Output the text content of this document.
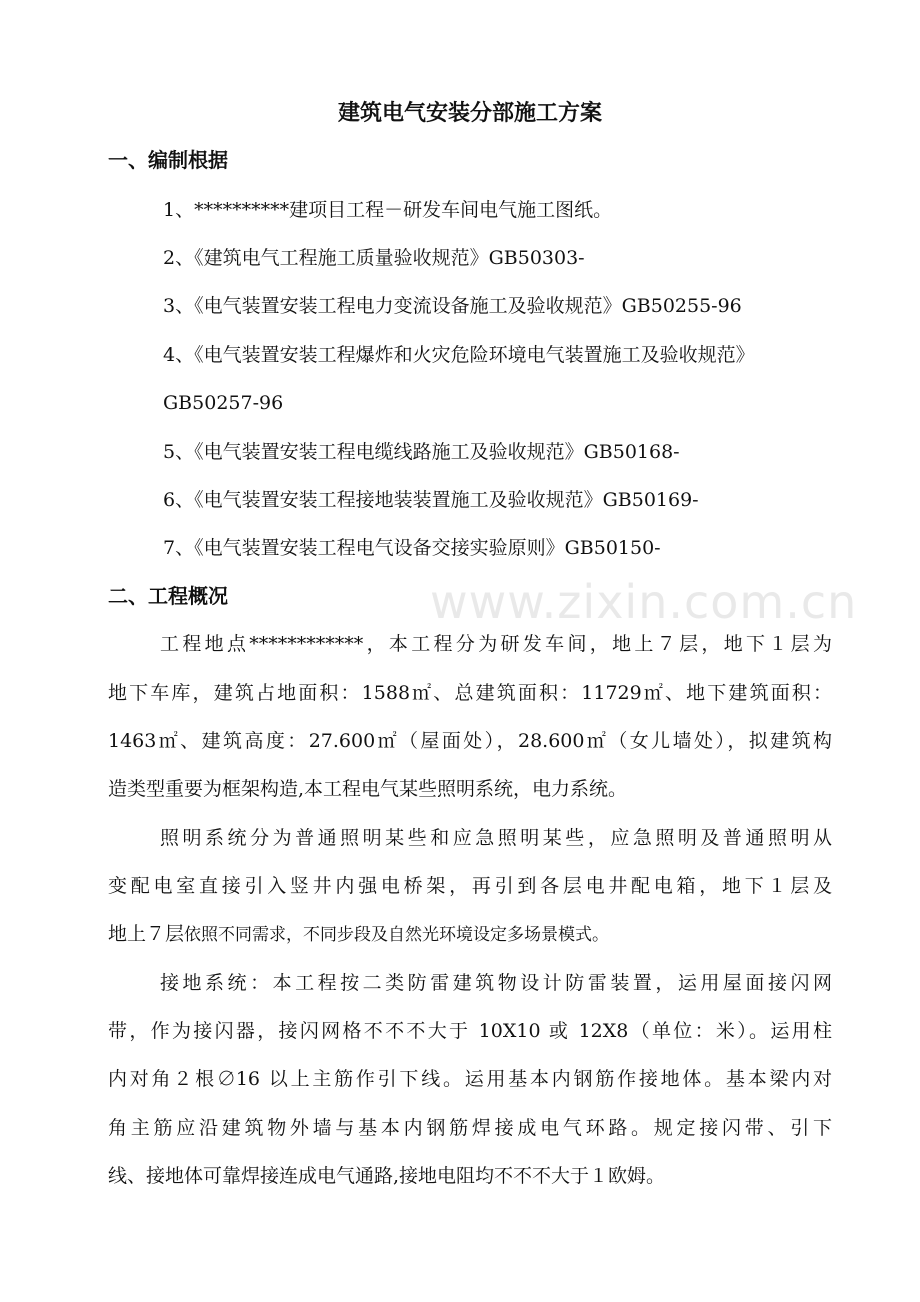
www.zixin.com.cn
建筑电气安装分部施工方案
一、编制根据
1、**********建项目工程－研发车间电气施工图纸。
2、《建筑电气工程施工质量验收规范》GB50303-
3、《电气装置安装工程电力变流设备施工及验收规范》GB50255-96
4、《电气装置安装工程爆炸和火灾危险环境电气装置施工及验收规范》
GB50257-96
5、《电气装置安装工程电缆线路施工及验收规范》GB50168-
6、《电气装置安装工程接地装装置施工及验收规范》GB50169-
7、《电气装置安装工程电气设备交接实验原则》GB50150-
二、工程概况
工程地点************，本工程分为研发车间，地上７层，地下１层为
地下车库，建筑占地面积：1588㎡、总建筑面积：11729㎡、地下建筑面积：
1463㎡、建筑高度：27.600㎡（屋面处），28.600㎡（女儿墙处），拟建筑构
造类型重要为框架构造,本工程电气某些照明系统，电力系统。
照明系统分为普通照明某些和应急照明某些，应急照明及普通照明从
变配电室直接引入竖井内强电桥架，再引到各层电井配电箱，地下１层及
地上７层依照不同需求，不同步段及自然光环境设定多场景模式。
接地系统：本工程按二类防雷建筑物设计防雷装置，运用屋面接闪网
带，作为接闪器，接闪网格不不不大于 10X10 或 12X8（单位：米）。运用柱
内对角２根∅16 以上主筋作引下线。运用基本内钢筋作接地体。基本梁内对
角主筋应沿建筑物外墙与基本内钢筋焊接成电气环路。规定接闪带、引下
线、接地体可靠焊接连成电气通路,接地电阻均不不不大于１欧姆。
